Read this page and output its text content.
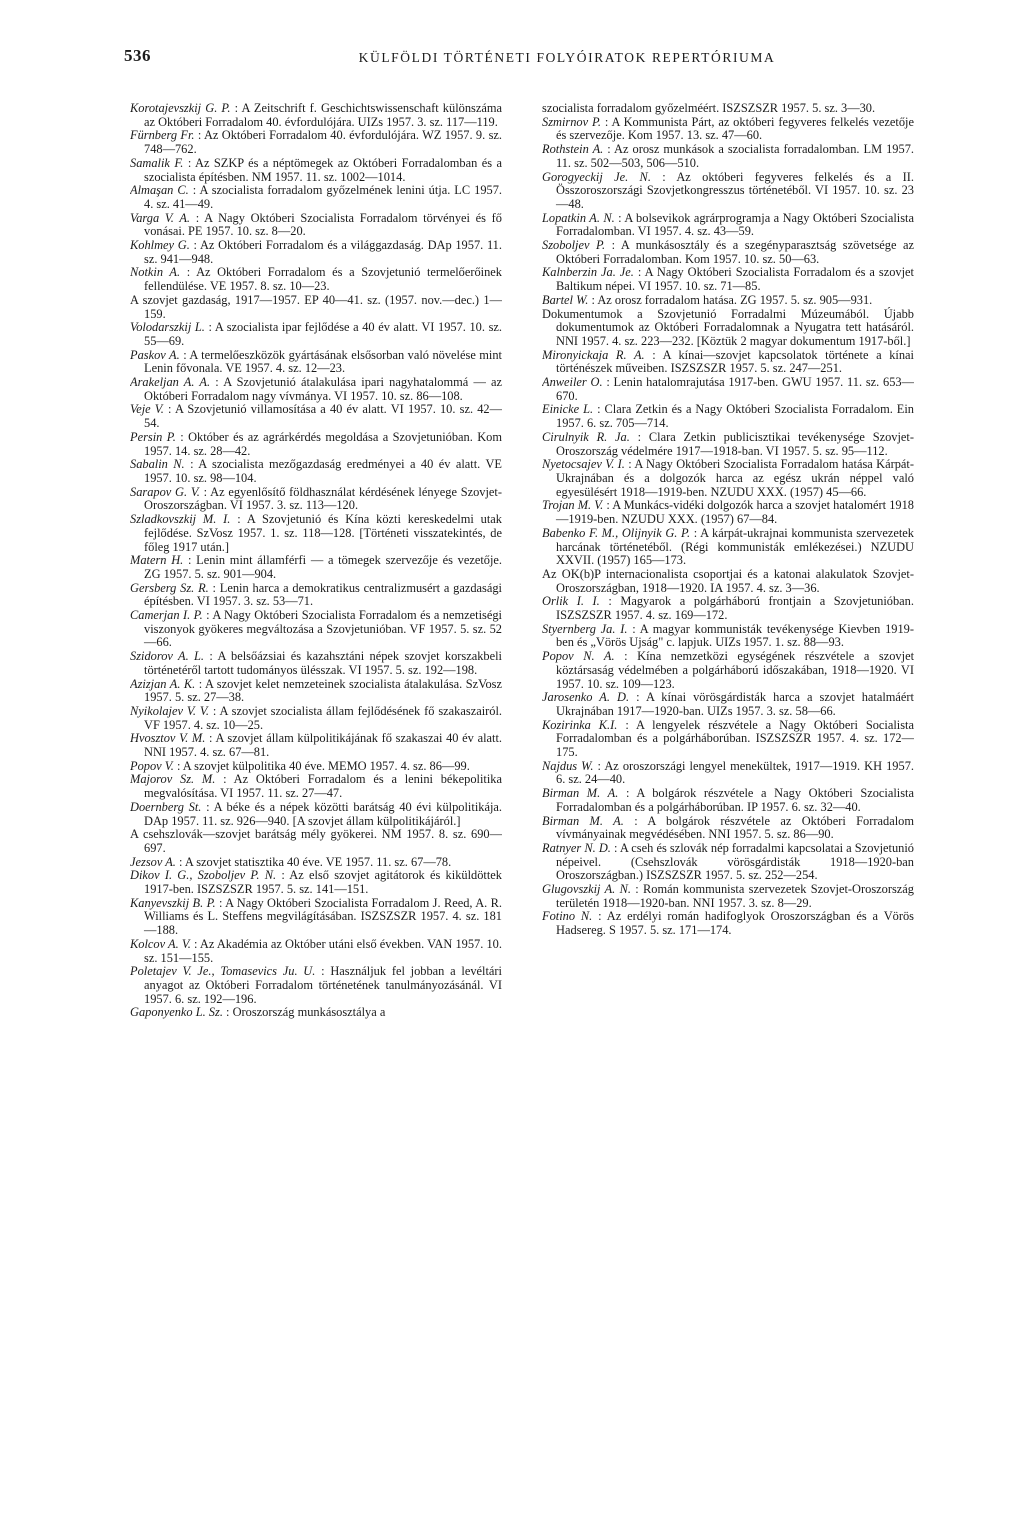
536	KÜLFÖLDI TÖRTÉNETI FOLYÓIRATOK REPERTÓRIUMA

Korotajevszkij G. P. : A Zeitschrift f. Geschichtswissenschaft különszáma az Októberi Forradalom 40. évfordulójára. UIZs 1957. 3. sz. 117—119.

Fürnberg Fr. : Az Októberi Forradalom 40. évfordulójára. WZ 1957. 9. sz. 748—762.

Samalik F. : Az SZKP és a néptömegek az Októberi Forradalomban és a szocialista építésben. NM 1957. 11. sz. 1002—1014.

Almaşan C. : A szocialista forradalom győzelmének lenini útja. LC 1957. 4. sz. 41—49.

Varga V. A. : A Nagy Októberi Szocialista Forradalom törvényei és fő vonásai. PE 1957. 10. sz. 8—20.

Kohlmey G. : Az Októberi Forradalom és a világgazdaság. DAp 1957. 11. sz. 941—948.

Notkin A. : Az Októberi Forradalom és a Szovjetunió termelőerőinek fellendülése. VE 1957. 8. sz. 10—23.

A szovjet gazdaság, 1917—1957. EP 40—41. sz. (1957. nov.—dec.) 1—159.

Volodarszkij L. : A szocialista ipar fejlődése a 40 év alatt. VI 1957. 10. sz. 55—69.

Paskov A. : A termelőeszközök gyártásának elsősorban való növelése mint Lenin fővonala. VE 1957. 4. sz. 12—23.

Arakeljan A. A. : A Szovjetunió átalakulása ipari nagyhatalommá — az Októberi Forradalom nagy vívmánya. VI 1957. 10. sz. 86—108.

Veje V. : A Szovjetunió villamosítása a 40 év alatt. VI 1957. 10. sz. 42—54.

Persin P. : Október és az agrárkérdés megoldása a Szovjetunióban. Kom 1957. 14. sz. 28—42.

Sabalin N. : A szocialista mezőgazdaság eredményei a 40 év alatt. VE 1957. 10. sz. 98—104.

Sarapov G. V. : Az egyenlősítő földhasználat kérdésének lényege Szovjet-Oroszországban. VI 1957. 3. sz. 113—120.

Szladkovszkij M. I. : A Szovjetunió és Kína közti kereskedelmi utak fejlődése. SzVosz 1957. 1. sz. 118—128. [Történeti visszatekintés, de főleg 1917 után.]

Matern H. : Lenin mint államférfi — a tömegek szervezője és vezetője. ZG 1957. 5. sz. 901—904.

Gersberg Sz. R. : Lenin harca a demokratikus centralizmusért a gazdasági építésben. VI 1957. 3. sz. 53—71.

Camerjan I. P. : A Nagy Októberi Szocialista Forradalom és a nemzetiségi viszonyok gyökeres megváltozása a Szovjetunióban. VF 1957. 5. sz. 52—66.

Szidorov A. L. : A belsőázsiai és kazahsztáni népek szovjet korszakbeli történetéről tartott tudományos ülésszak. VI 1957. 5. sz. 192—198.

Azizjan A. K. : A szovjet kelet nemzeteinek szocialista átalakulása. SzVosz 1957. 5. sz. 27—38.

Nyikolajev V. V. : A szovjet szocialista állam fejlődésének fő szakaszairól. VF 1957. 4. sz. 10—25.

Hvosztov V. M. : A szovjet állam külpolitikájának fő szakaszai 40 év alatt. NNI 1957. 4. sz. 67—81.

Popov V. : A szovjet külpolitika 40 éve. MEMO 1957. 4. sz. 86—99.

Majorov Sz. M. : Az Októberi Forradalom és a lenini békepolitika megvalósítása. VI 1957. 11. sz. 27—47.

Doernberg St. : A béke és a népek közötti barátság 40 évi külpolitikája. DAp 1957. 11. sz. 926—940. [A szovjet állam külpolitikájáról.]

A csehszlovák—szovjet barátság mély gyökerei. NM 1957. 8. sz. 690—697.

Jezsov A. : A szovjet statisztika 40 éve. VE 1957. 11. sz. 67—78.

Dikov I. G., Szoboljev P. N. : Az első szovjet agitátorok és kiküldöttek 1917-ben. ISZSZSZR 1957. 5. sz. 141—151.

Kanyevszkij B. P. : A Nagy Októberi Szocialista Forradalom J. Reed, A. R. Williams és L. Steffens megvilágításában. ISZSZSZR 1957. 4. sz. 181—188.

Kolcov A. V. : Az Akadémia az Október utáni első években. VAN 1957. 10. sz. 151—155.

Poletajev V. Je., Tomasevics Ju. U. : Használjuk fel jobban a levéltári anyagot az Októberi Forradalom történetének tanulmányozásánál. VI 1957. 6. sz. 192—196.

Gaponyenko L. Sz. : Oroszország munkásosztálya a

szocialista forradalom győzelméért. ISZSZSZR 1957. 5. sz. 3—30.

Szmirnov P. : A Kommunista Párt, az októberi fegyveres felkelés vezetője és szervezője. Kom 1957. 13. sz. 47—60.

Rothstein A. : Az orosz munkások a szocialista forradalomban. LM 1957. 11. sz. 502—503, 506—510.

Gorogyeckij Je. N. : Az októberi fegyveres felkelés és a II. Összoroszországi Szovjetkongresszus történetéből. VI 1957. 10. sz. 23—48.

Lopatkin A. N. : A bolsevikok agrárprogramja a Nagy Októberi Szocialista Forradalomban. VI 1957. 4. sz. 43—59.

Szoboljev P. : A munkásosztály és a szegényparasztság szövetsége az Októberi Forradalomban. Kom 1957. 10. sz. 50—63.

Kalnberzin Ja. Je. : A Nagy Októberi Szocialista Forradalom és a szovjet Baltikum népei. VI 1957. 10. sz. 71—85.

Bartel W. : Az orosz forradalom hatása. ZG 1957. 5. sz. 905—931.

Dokumentumok a Szovjetunió Forradalmi Múzeumából. Újabb dokumentumok az Októberi Forradalomnak a Nyugatra tett hatásáról. NNI 1957. 4. sz. 223—232. [Köztük 2 magyar dokumentum 1917-ből.]

Mironyickaja R. A. : A kínai—szovjet kapcsolatok története a kínai történészek műveiben. ISZSZSZR 1957. 5. sz. 247—251.

Anweiler O. : Lenin hatalomrajutása 1917-ben. GWU 1957. 11. sz. 653—670.

Einicke L. : Clara Zetkin és a Nagy Októberi Szocialista Forradalom. Ein 1957. 6. sz. 705—714.

Cirulnyik R. Ja. : Clara Zetkin publicisztikai tevékenysége Szovjet-Oroszország védelmére 1917—1918-ban. VI 1957. 5. sz. 95—112.

Nyetocsajev V. I. : A Nagy Októberi Szocialista Forradalom hatása Kárpát-Ukrajnában és a dolgozók harca az egész ukrán néppel való egyesülésért 1918—1919-ben. NZUDU XXX. (1957) 45—66.

Trojan M. V. : A Munkács-vidéki dolgozók harca a szovjet hatalomért 1918—1919-ben. NZUDU XXX. (1957) 67—84.

Babenko F. M., Olijnyik G. P. : A kárpát-ukrajnai kommunista szervezetek harcának történetéből. (Régi kommunisták emlékezései.) NZUDU XXVII. (1957) 165—173.

Az OK(b)P internacionalista csoportjai és a katonai alakulatok Szovjet-Oroszországban, 1918—1920. IA 1957. 4. sz. 3—36.

Orlik I. I. : Magyarok a polgárháború frontjain a Szovjetunióban. ISZSZSZR 1957. 4. sz. 169—172.

Styernberg Ja. I. : A magyar kommunisták tevékenysége Kievben 1919-ben és „Vörös Ujság" c. lapjuk. UIZs 1957. 1. sz. 88—93.

Popov N. A. : Kína nemzetközi egységének részvétele a szovjet köztársaság védelmében a polgárháború időszakában, 1918—1920. VI 1957. 10. sz. 109—123.

Jarosenko A. D. : A kínai vörösgárdisták harca a szovjet hatalmáért Ukrajnában 1917—1920-ban. UIZs 1957. 3. sz. 58—66.

Kozirinka K.I. : A lengyelek részvétele a Nagy Októberi Socialista Forradalomban és a polgárháborúban. ISZSZSZR 1957. 4. sz. 172—175.

Najdus W. : Az oroszországi lengyel menekültek, 1917—1919. KH 1957. 6. sz. 24—40.

Birman M. A. : A bolgárok részvétele a Nagy Októberi Szocialista Forradalomban és a polgárháborúban. IP 1957. 6. sz. 32—40.

Birman M. A. : A bolgárok részvétele az Októberi Forradalom vívmányainak megvédésében. NNI 1957. 5. sz. 86—90.

Ratnyer N. D. : A cseh és szlovák nép forradalmi kapcsolatai a Szovjetunió népeivel. (Csehszlovák vörösgárdisták 1918—1920-ban Oroszországban.) ISZSZSZR 1957. 5. sz. 252—254.

Glugovszkij A. N. : Román kommunista szervezetek Szovjet-Oroszország területén 1918—1920-ban. NNI 1957. 3. sz. 8—29.

Fotino N. : Az erdélyi román hadifoglyok Oroszországban és a Vörös Hadsereg. S 1957. 5. sz. 171—174.
